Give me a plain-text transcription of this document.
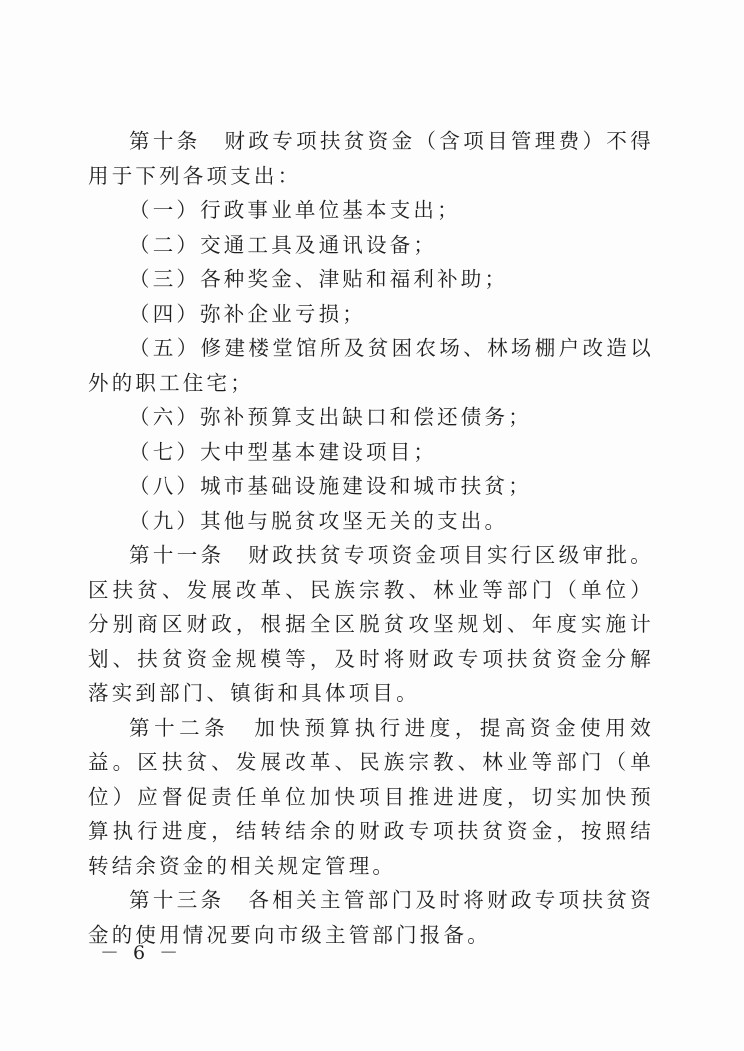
第十条　财政专项扶贫资金（含项目管理费）不得用于下列各项支出：

（一）行政事业单位基本支出；

（二）交通工具及通讯设备；

（三）各种奖金、津贴和福利补助；

（四）弥补企业亏损；

（五）修建楼堂馆所及贫困农场、林场棚户改造以外的职工住宅；

（六）弥补预算支出缺口和偿还债务；

（七）大中型基本建设项目；

（八）城市基础设施建设和城市扶贫；

（九）其他与脱贫攻坚无关的支出。

第十一条　财政扶贫专项资金项目实行区级审批。区扶贫、发展改革、民族宗教、林业等部门（单位）分别商区财政，根据全区脱贫攻坚规划、年度实施计划、扶贫资金规模等，及时将财政专项扶贫资金分解落实到部门、镇街和具体项目。

第十二条　加快预算执行进度，提高资金使用效益。区扶贫、发展改革、民族宗教、林业等部门（单位）应督促责任单位加快项目推进进度，切实加快预算执行进度，结转结余的财政专项扶贫资金，按照结转结余资金的相关规定管理。

第十三条　各相关主管部门及时将财政专项扶贫资金的使用情况要向市级主管部门报备。

－ 6 －
